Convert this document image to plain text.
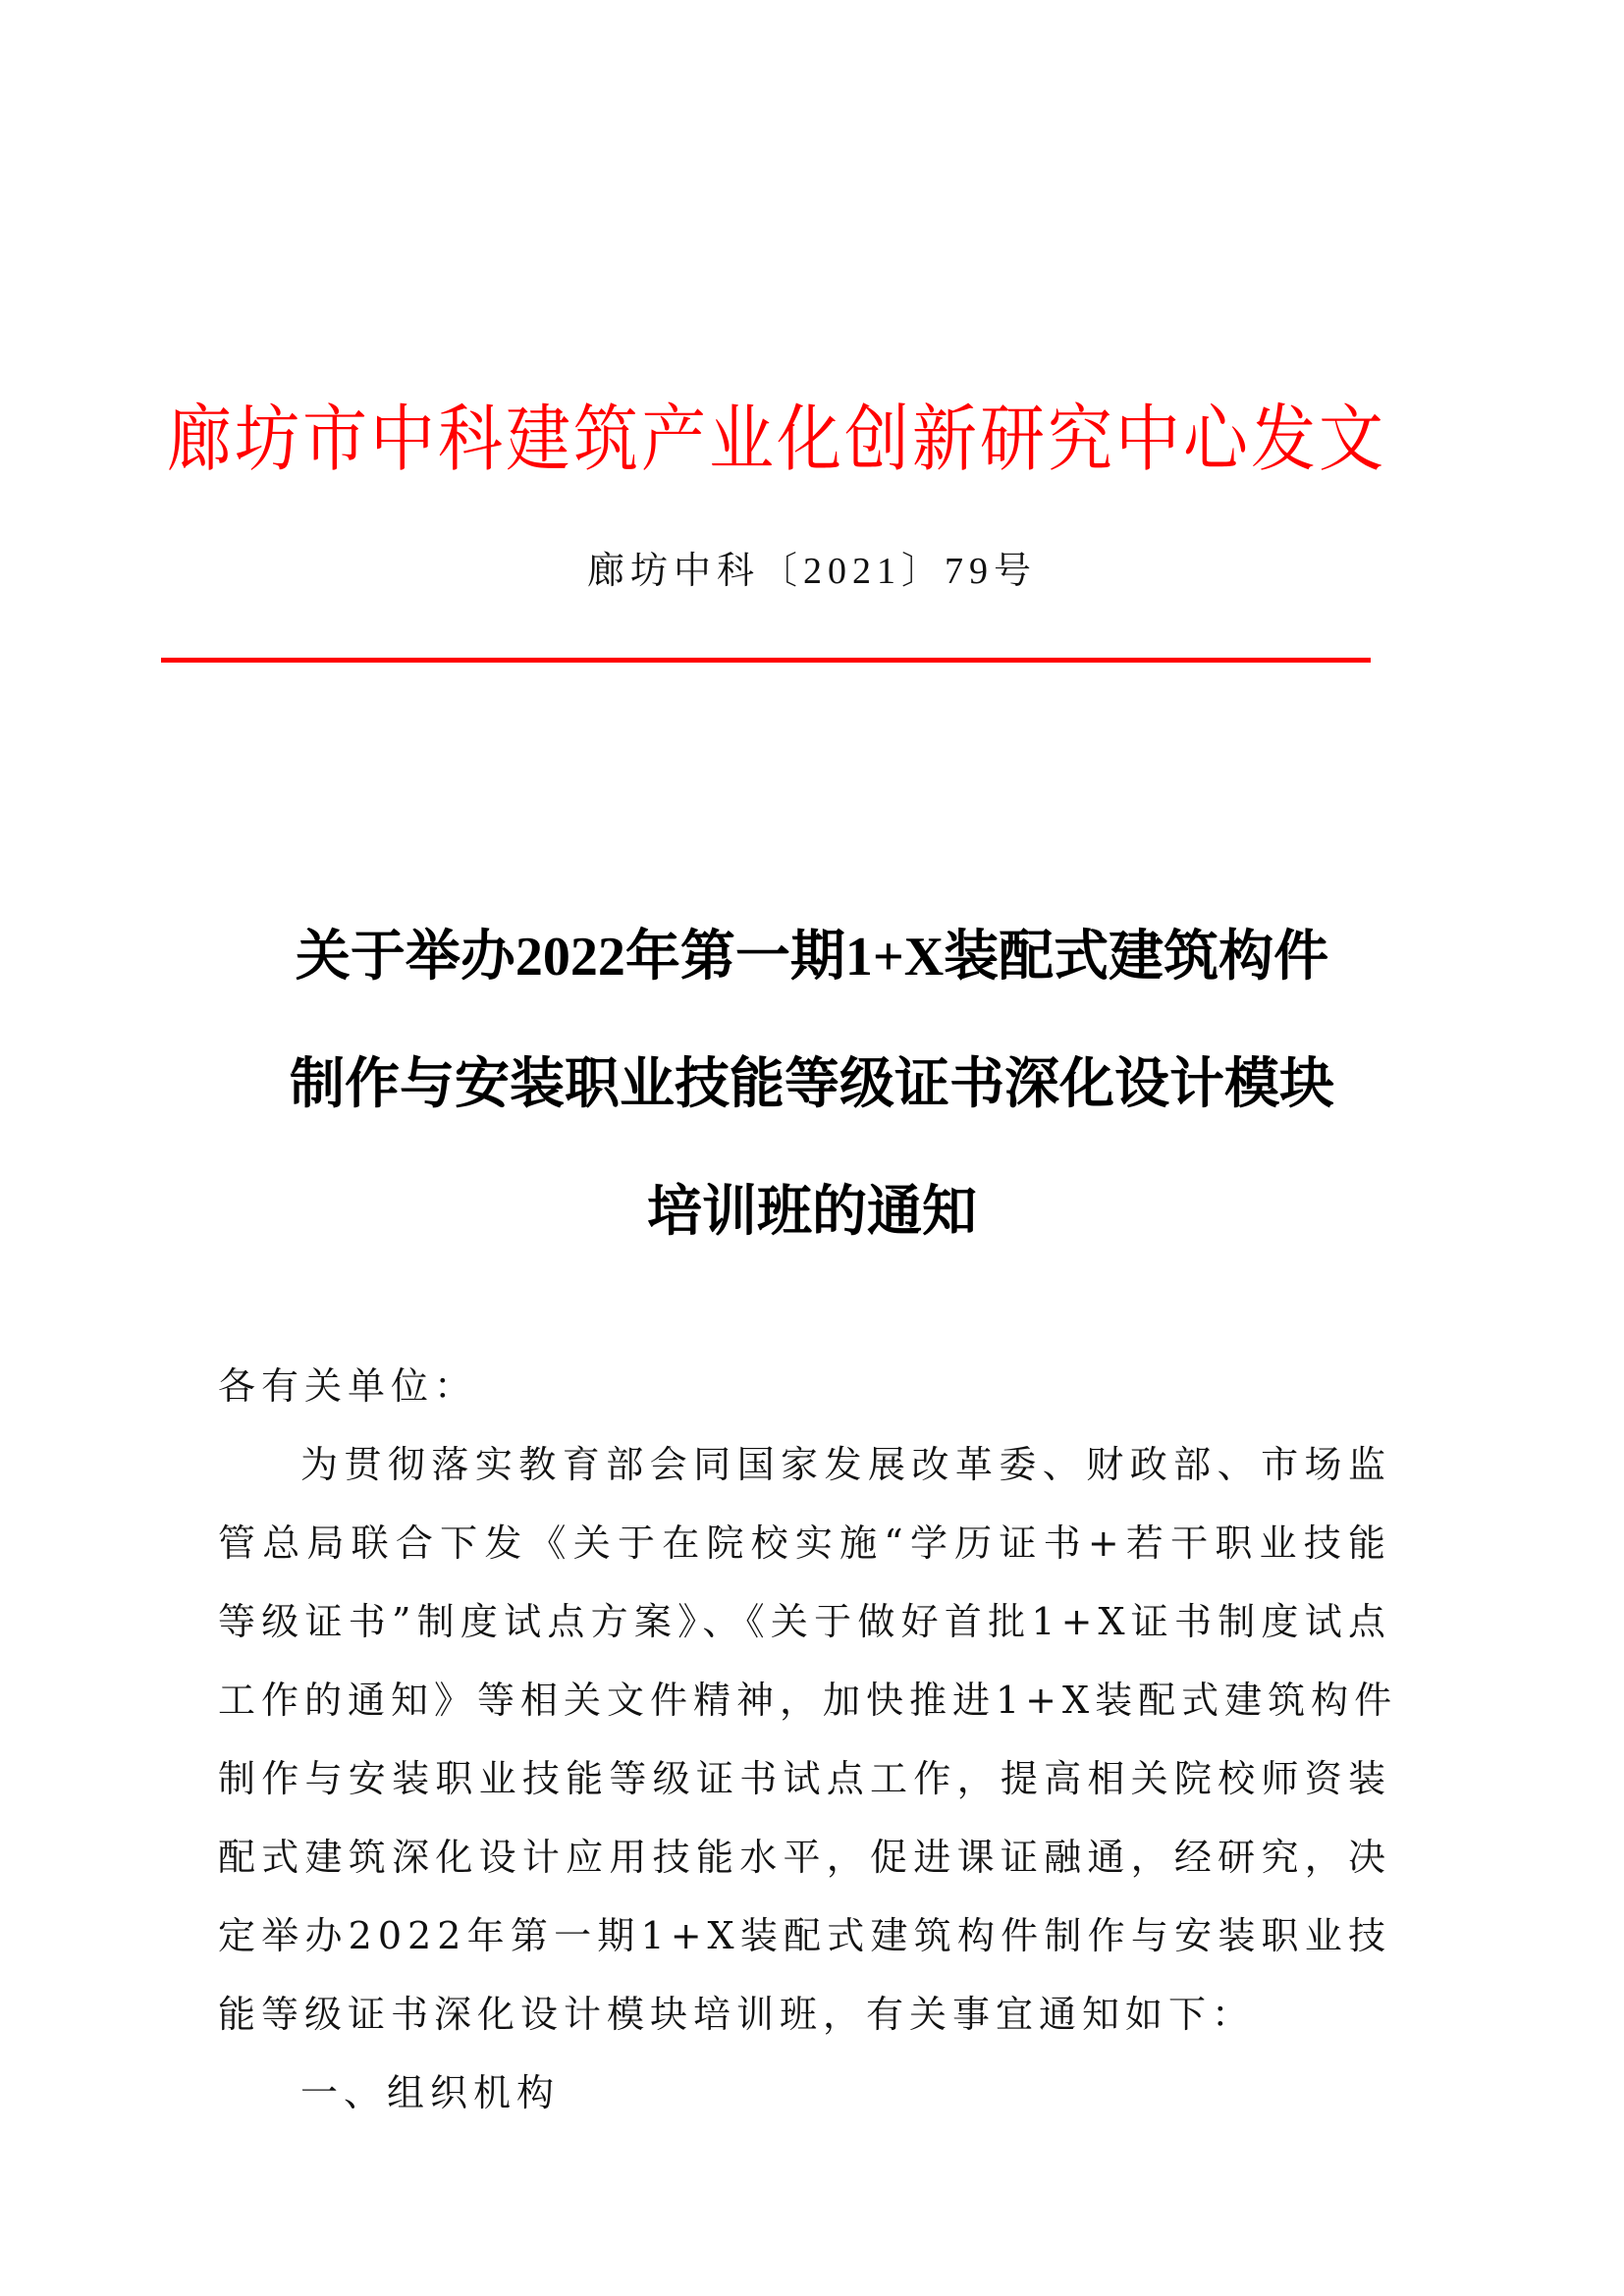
廊坊市中科建筑产业化创新研究中心发文
廊坊中科〔2021〕79号
关于举办2022年第一期1+X装配式建筑构件
制作与安装职业技能等级证书深化设计模块
培训班的通知
各有关单位：
为贯彻落实教育部会同国家发展改革委、财政部、市场监
管总局联合下发《关于在院校实施“学历证书+若干职业技能
等级证书”制度试点方案》、《关于做好首批1+X证书制度试点
工作的通知》等相关文件精神，加快推进1+X装配式建筑构件
制作与安装职业技能等级证书试点工作，提高相关院校师资装
配式建筑深化设计应用技能水平，促进课证融通，经研究，决
定举办2022年第一期1+X装配式建筑构件制作与安装职业技
能等级证书深化设计模块培训班，有关事宜通知如下：
一、组织机构
